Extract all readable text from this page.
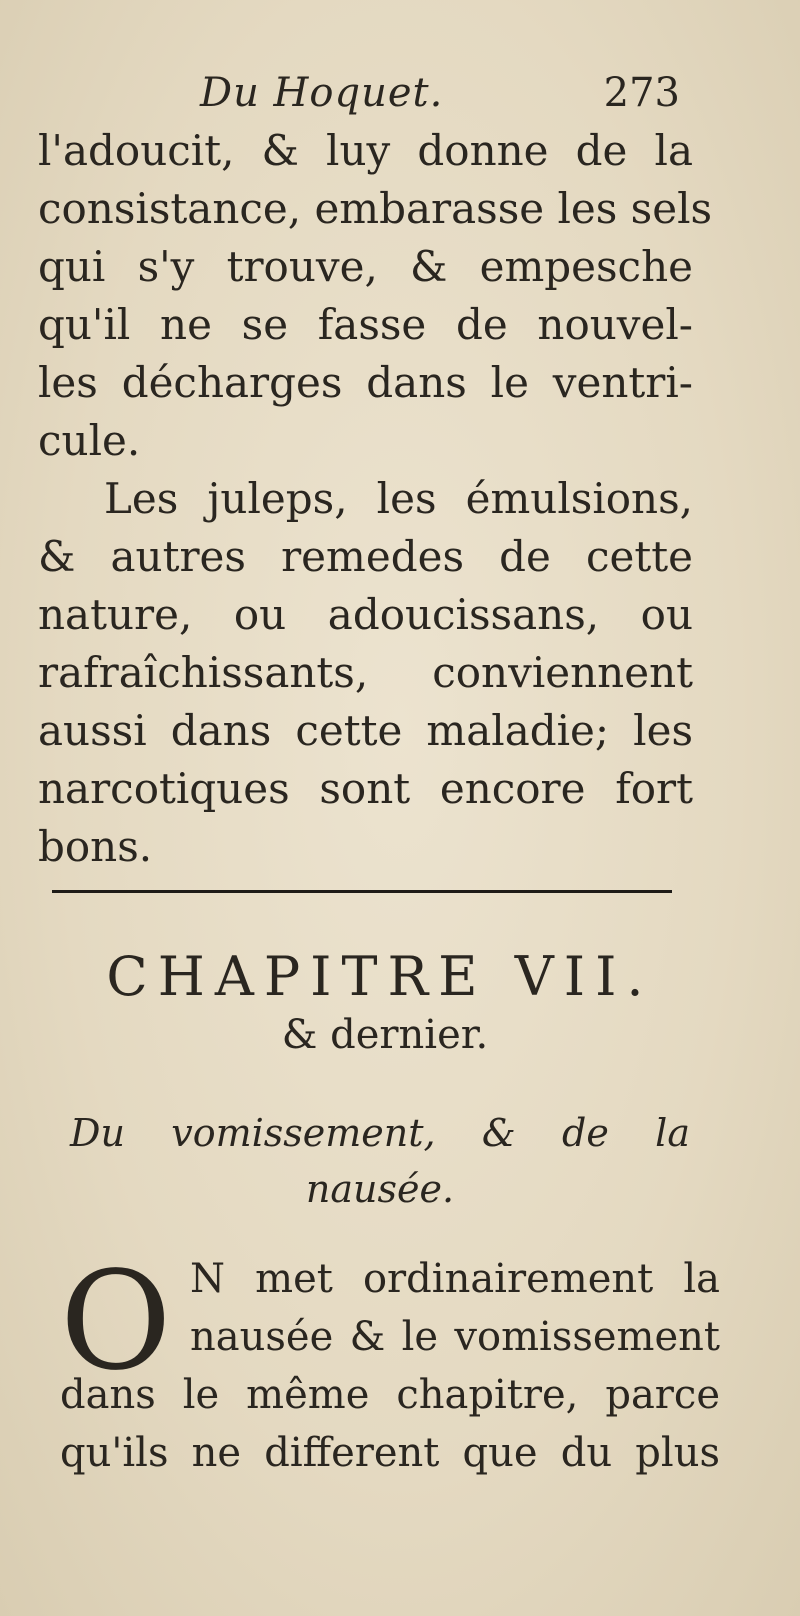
Du Hoquet.	273
l'adoucit, & luy donne de la
consistance, embarasse les sels
qui s'y trouve, & empesche
qu'il ne se fasse de nouvel-
les décharges dans le ventri-
cule.
Les juleps, les émulsions,
& autres remedes de cette
nature, ou adoucissans, ou
rafraîchissants, conviennent
aussi dans cette maladie; les
narcotiques sont encore fort
bons.
CHAPITRE VII.
& dernier.
Du vomissement, & de la
nausée.
O N met ordinairement la
nausée & le vomissement
dans le même chapitre, parce
qu'ils ne different que du plus
